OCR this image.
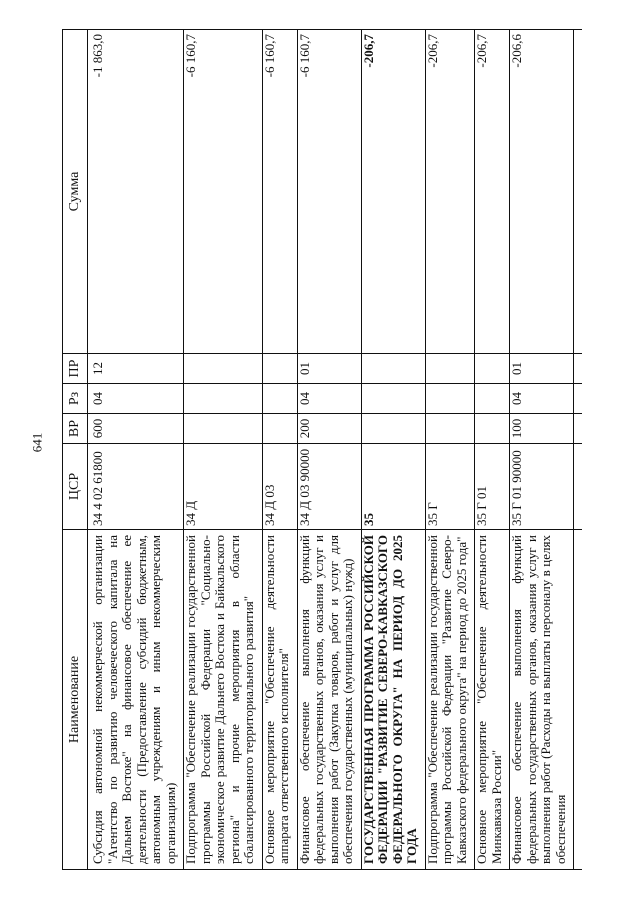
641
Наименование	ЦСР	ВР	Рз	ПР	Сумма
Субсидия автономной некоммерческой организации "Агентство по развитию человеческого капитала на Дальнем Востоке" на финансовое обеспечение ее деятельности (Предоставление субсидий бюджетным, автономным учреждениям и иным некоммерческим организациям)	34 4 02 61800	600	04	12	-1 863,0
Подпрограмма "Обеспечение реализации государственной программы Российской Федерации "Социально-экономическое развитие Дальнего Востока и Байкальского региона" и прочие мероприятия в области сбалансированного территориального развития"	34 Д				-6 160,7
Основное мероприятие "Обеспечение деятельности аппарата ответственного исполнителя"	34 Д 03				-6 160,7
Финансовое обеспечение выполнения функций федеральных государственных органов, оказания услуг и выполнения работ (Закупка товаров, работ и услуг для обеспечения государственных (муниципальных) нужд)	34 Д 03 90000	200	04	01	-6 160,7
ГОСУДАРСТВЕННАЯ ПРОГРАММА РОССИЙСКОЙ ФЕДЕРАЦИИ "РАЗВИТИЕ СЕВЕРО-КАВКАЗСКОГО ФЕДЕРАЛЬНОГО ОКРУГА" НА ПЕРИОД ДО 2025 ГОДА	35				-206,7
Подпрограмма "Обеспечение реализации государственной программы Российской Федерации "Развитие Северо-Кавказского федерального округа" на период до 2025 года"	35 Г				-206,7
Основное мероприятие "Обеспечение деятельности Минкавказа России"	35 Г 01				-206,7
Финансовое обеспечение выполнения функций федеральных государственных органов, оказания услуг и выполнения работ (Расходы на выплаты персоналу в целях обеспечения	35 Г 01 90000	100	04	01	-206,6
